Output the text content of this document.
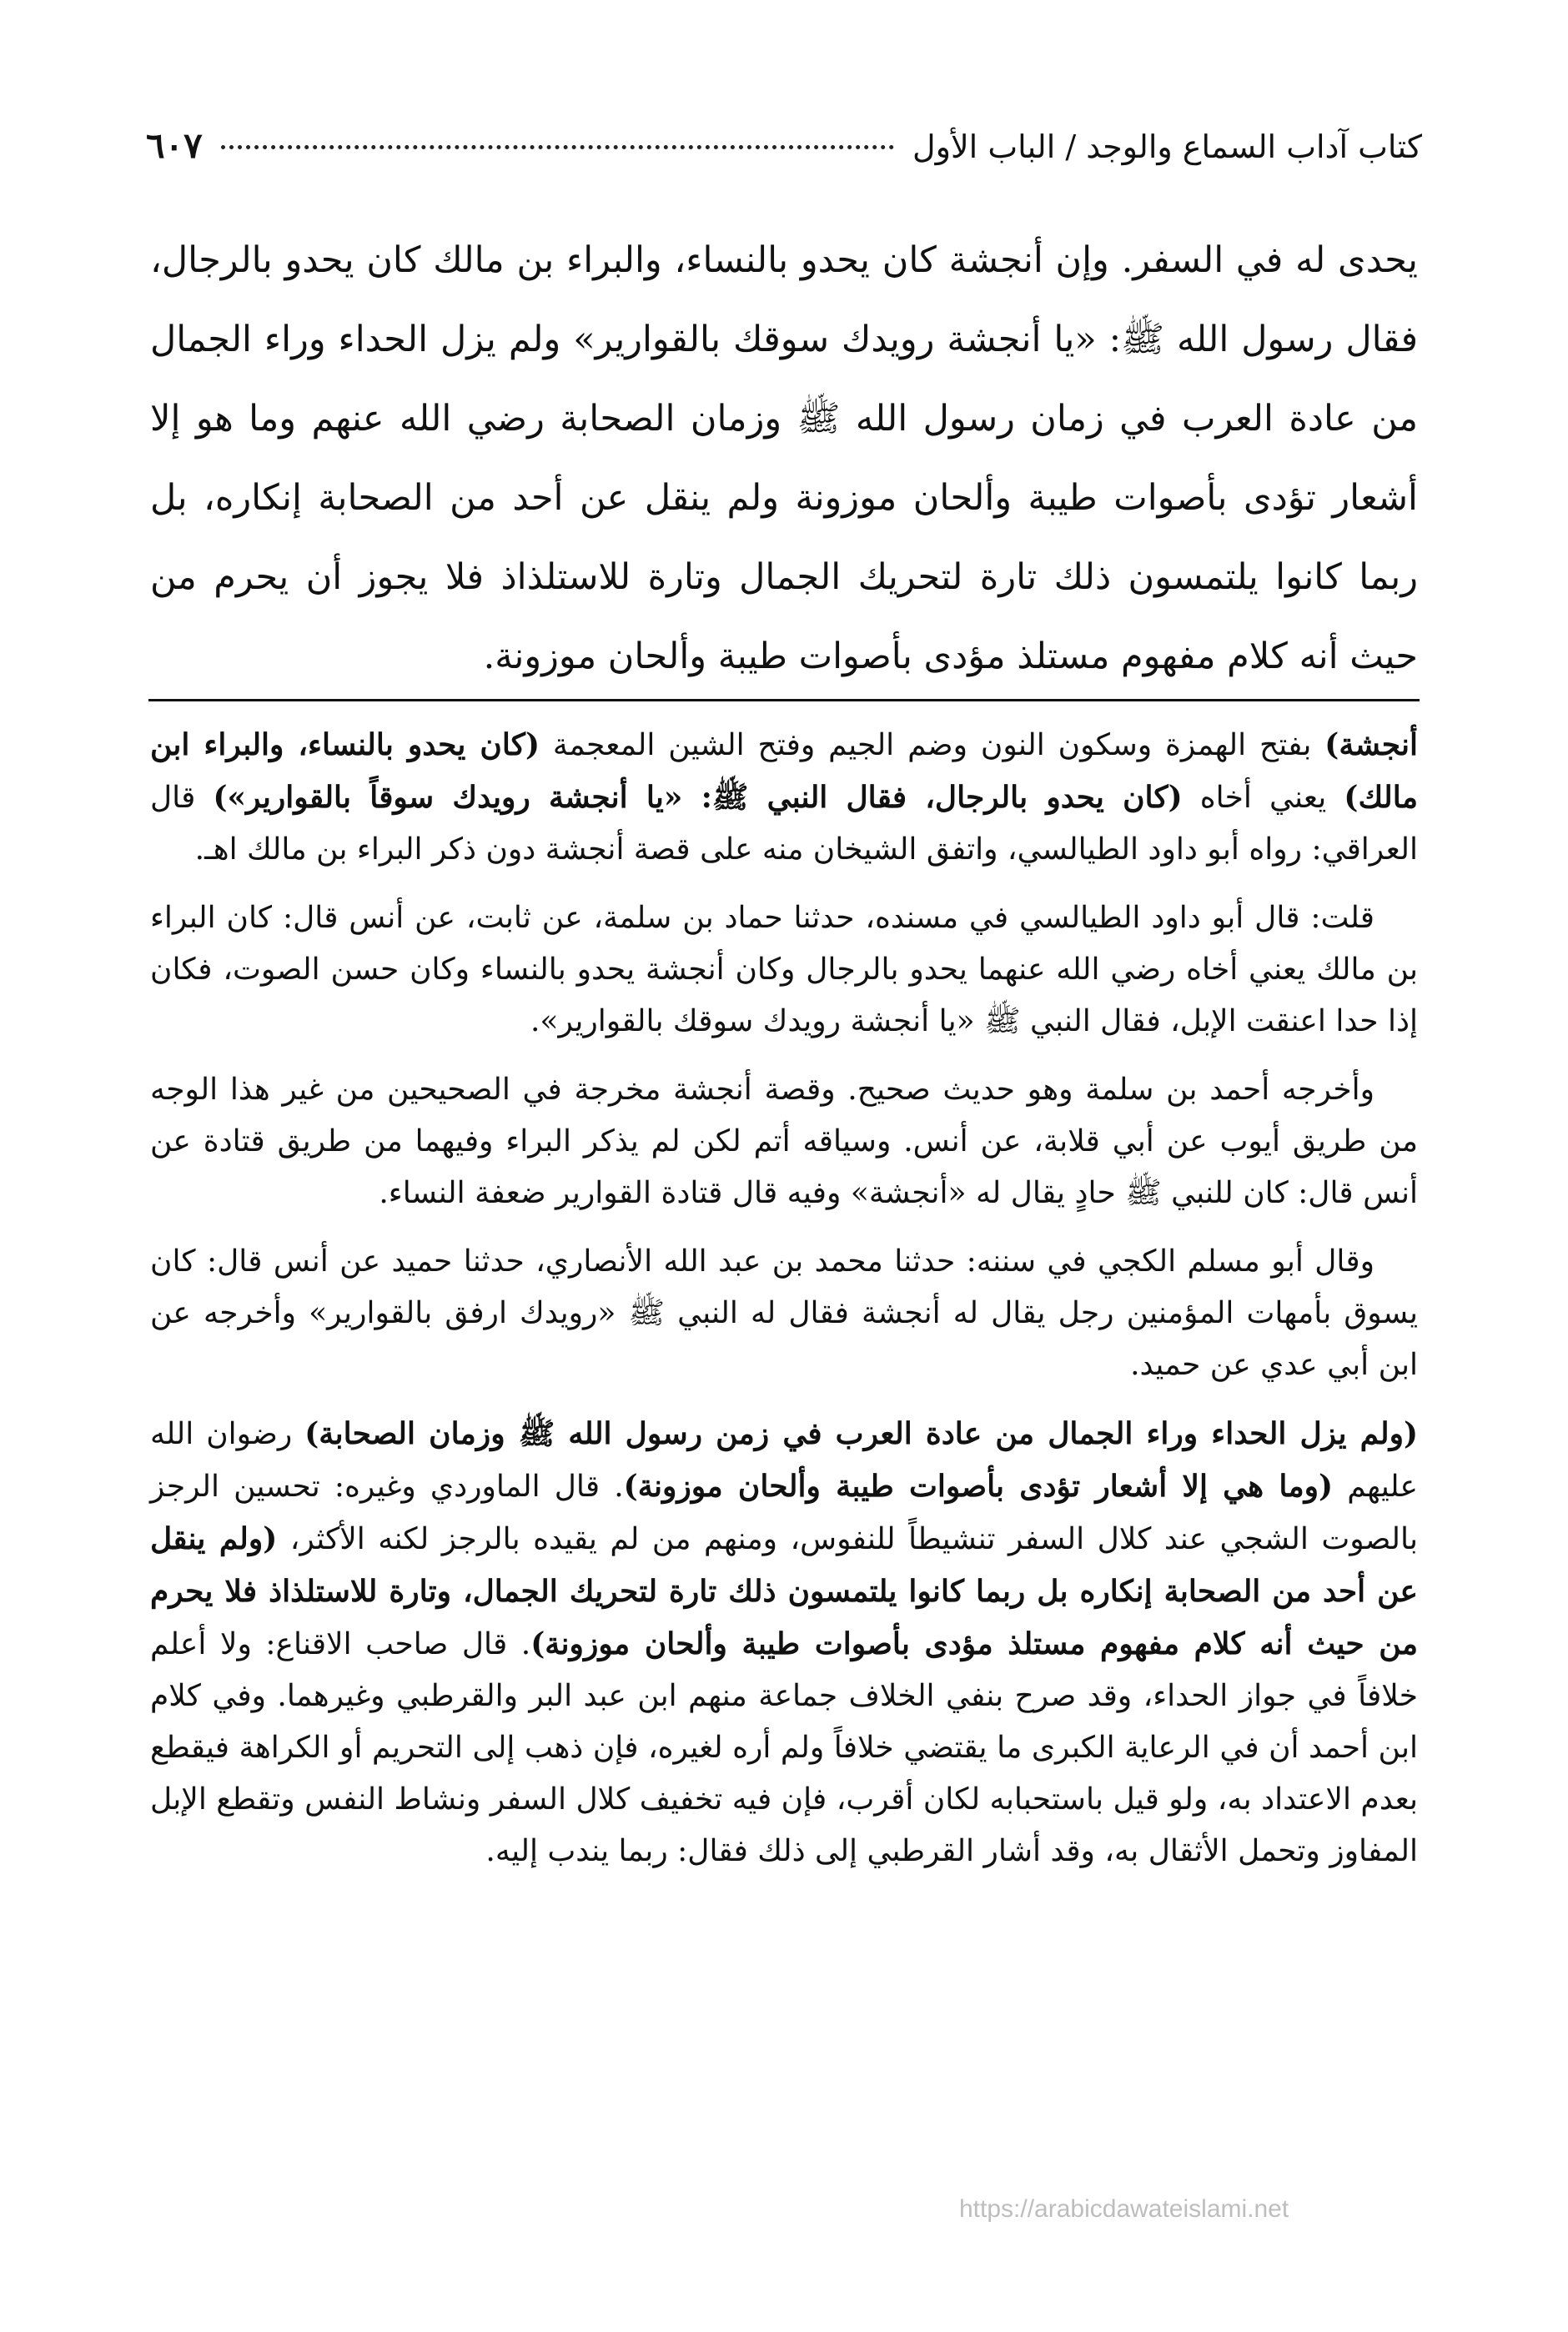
كتاب آداب السماع والوجد / الباب الأول
٦٠٧

يحدى له في السفر. وإن أنجشة كان يحدو بالنساء، والبراء بن مالك كان يحدو بالرجال، فقال رسول الله ﷺ: «يا أنجشة رويدك سوقك بالقوارير» ولم يزل الحداء وراء الجمال من عادة العرب في زمان رسول الله ﷺ وزمان الصحابة رضي الله عنهم وما هو إلا أشعار تؤدى بأصوات طيبة وألحان موزونة ولم ينقل عن أحد من الصحابة إنكاره، بل ربما كانوا يلتمسون ذلك تارة لتحريك الجمال وتارة للاستلذاذ فلا يجوز أن يحرم من حيث أنه كلام مفهوم مستلذ مؤدى بأصوات طيبة وألحان موزونة.

أنجشة) بفتح الهمزة وسكون النون وضم الجيم وفتح الشين المعجمة (كان يحدو بالنساء، والبراء ابن مالك) يعني أخاه (كان يحدو بالرجال، فقال النبي ﷺ: «يا أنجشة رويدك سوقاً بالقوارير») قال العراقي: رواه أبو داود الطيالسي، واتفق الشيخان منه على قصة أنجشة دون ذكر البراء بن مالك اهـ.

قلت: قال أبو داود الطيالسي في مسنده، حدثنا حماد بن سلمة، عن ثابت، عن أنس قال: كان البراء بن مالك يعني أخاه رضي الله عنهما يحدو بالرجال وكان أنجشة يحدو بالنساء وكان حسن الصوت، فكان إذا حدا اعنقت الإبل، فقال النبي ﷺ «يا أنجشة رويدك سوقك بالقوارير».

وأخرجه أحمد بن سلمة وهو حديث صحيح. وقصة أنجشة مخرجة في الصحيحين من غير هذا الوجه من طريق أيوب عن أبي قلابة، عن أنس. وسياقه أتم لكن لم يذكر البراء وفيهما من طريق قتادة عن أنس قال: كان للنبي ﷺ حادٍ يقال له «أنجشة» وفيه قال قتادة القوارير ضعفة النساء.

وقال أبو مسلم الكجي في سننه: حدثنا محمد بن عبد الله الأنصاري، حدثنا حميد عن أنس قال: كان يسوق بأمهات المؤمنين رجل يقال له أنجشة فقال له النبي ﷺ «رويدك ارفق بالقوارير» وأخرجه عن ابن أبي عدي عن حميد.

(ولم يزل الحداء وراء الجمال من عادة العرب في زمن رسول الله ﷺ وزمان الصحابة) رضوان الله عليهم (وما هي إلا أشعار تؤدى بأصوات طيبة وألحان موزونة). قال الماوردي وغيره: تحسين الرجز بالصوت الشجي عند كلال السفر تنشيطاً للنفوس، ومنهم من لم يقيده بالرجز لكنه الأكثر، (ولم ينقل عن أحد من الصحابة إنكاره بل ربما كانوا يلتمسون ذلك تارة لتحريك الجمال، وتارة للاستلذاذ فلا يحرم من حيث أنه كلام مفهوم مستلذ مؤدى بأصوات طيبة وألحان موزونة). قال صاحب الاقناع: ولا أعلم خلافاً في جواز الحداء، وقد صرح بنفي الخلاف جماعة منهم ابن عبد البر والقرطبي وغيرهما. وفي كلام ابن أحمد أن في الرعاية الكبرى ما يقتضي خلافاً ولم أره لغيره، فإن ذهب إلى التحريم أو الكراهة فيقطع بعدم الاعتداد به، ولو قيل باستحبابه لكان أقرب، فإن فيه تخفيف كلال السفر ونشاط النفس وتقطع الإبل المفاوز وتحمل الأثقال به، وقد أشار القرطبي إلى ذلك فقال: ربما يندب إليه.

https://arabicdawateislami.net
